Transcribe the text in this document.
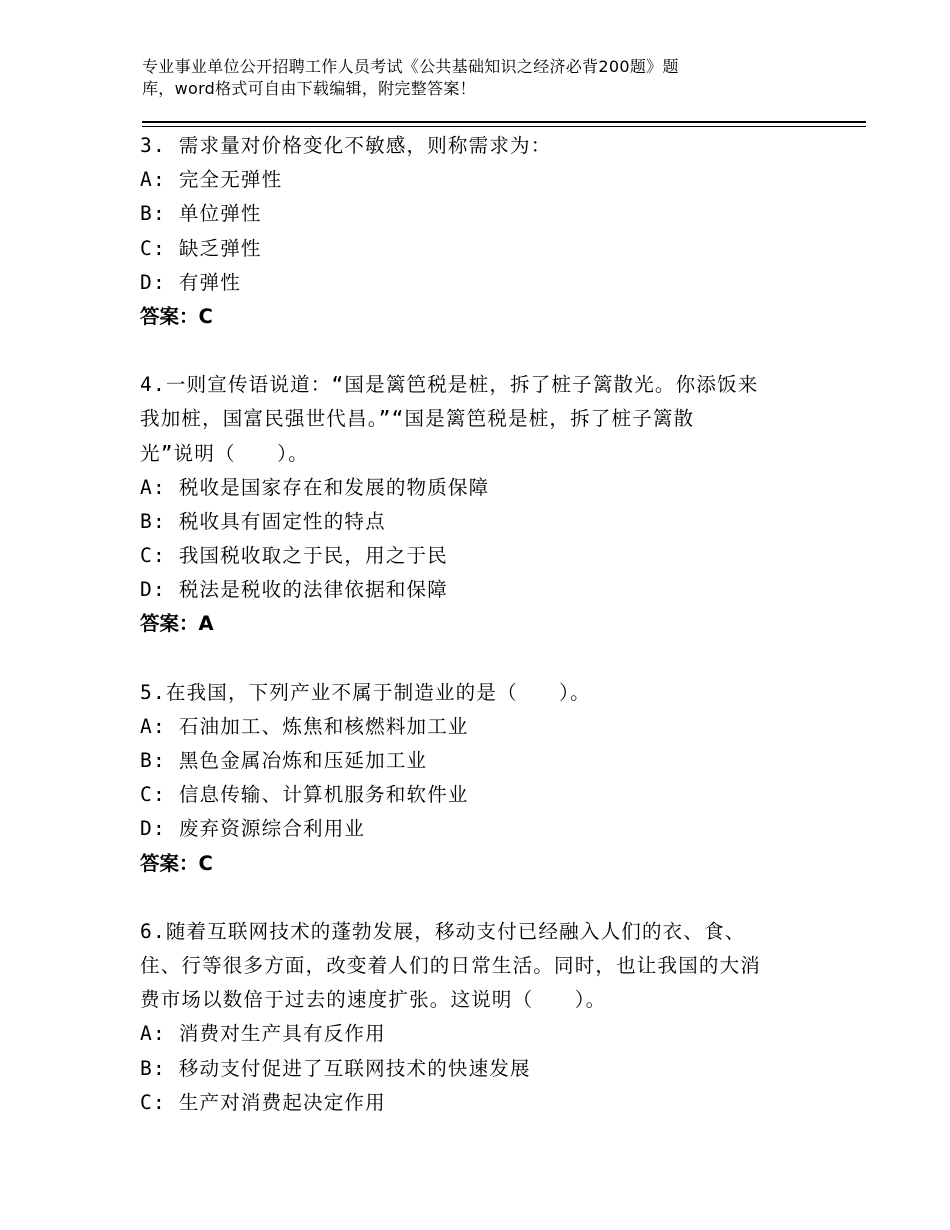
专业事业单位公开招聘工作人员考试《公共基础知识之经济必背200题》题
库，word格式可自由下载编辑，附完整答案！
3. 需求量对价格变化不敏感，则称需求为：
A: 完全无弹性
B: 单位弹性
C: 缺乏弹性
D: 有弹性
答案：C
4.一则宣传语说道：“国是篱笆税是桩，拆了桩子篱散光。你添饭来
我加桩，国富民强世代昌。”“国是篱笆税是桩，拆了桩子篱散
光”说明（　　）。
A: 税收是国家存在和发展的物质保障
B: 税收具有固定性的特点
C: 我国税收取之于民，用之于民
D: 税法是税收的法律依据和保障
答案：A
5.在我国，下列产业不属于制造业的是（　　）。
A: 石油加工、炼焦和核燃料加工业
B: 黑色金属冶炼和压延加工业
C: 信息传输、计算机服务和软件业
D: 废弃资源综合利用业
答案：C
6.随着互联网技术的蓬勃发展，移动支付已经融入人们的衣、食、
住、行等很多方面，改变着人们的日常生活。同时，也让我国的大消
费市场以数倍于过去的速度扩张。这说明（　　）。
A: 消费对生产具有反作用
B: 移动支付促进了互联网技术的快速发展
C: 生产对消费起决定作用
